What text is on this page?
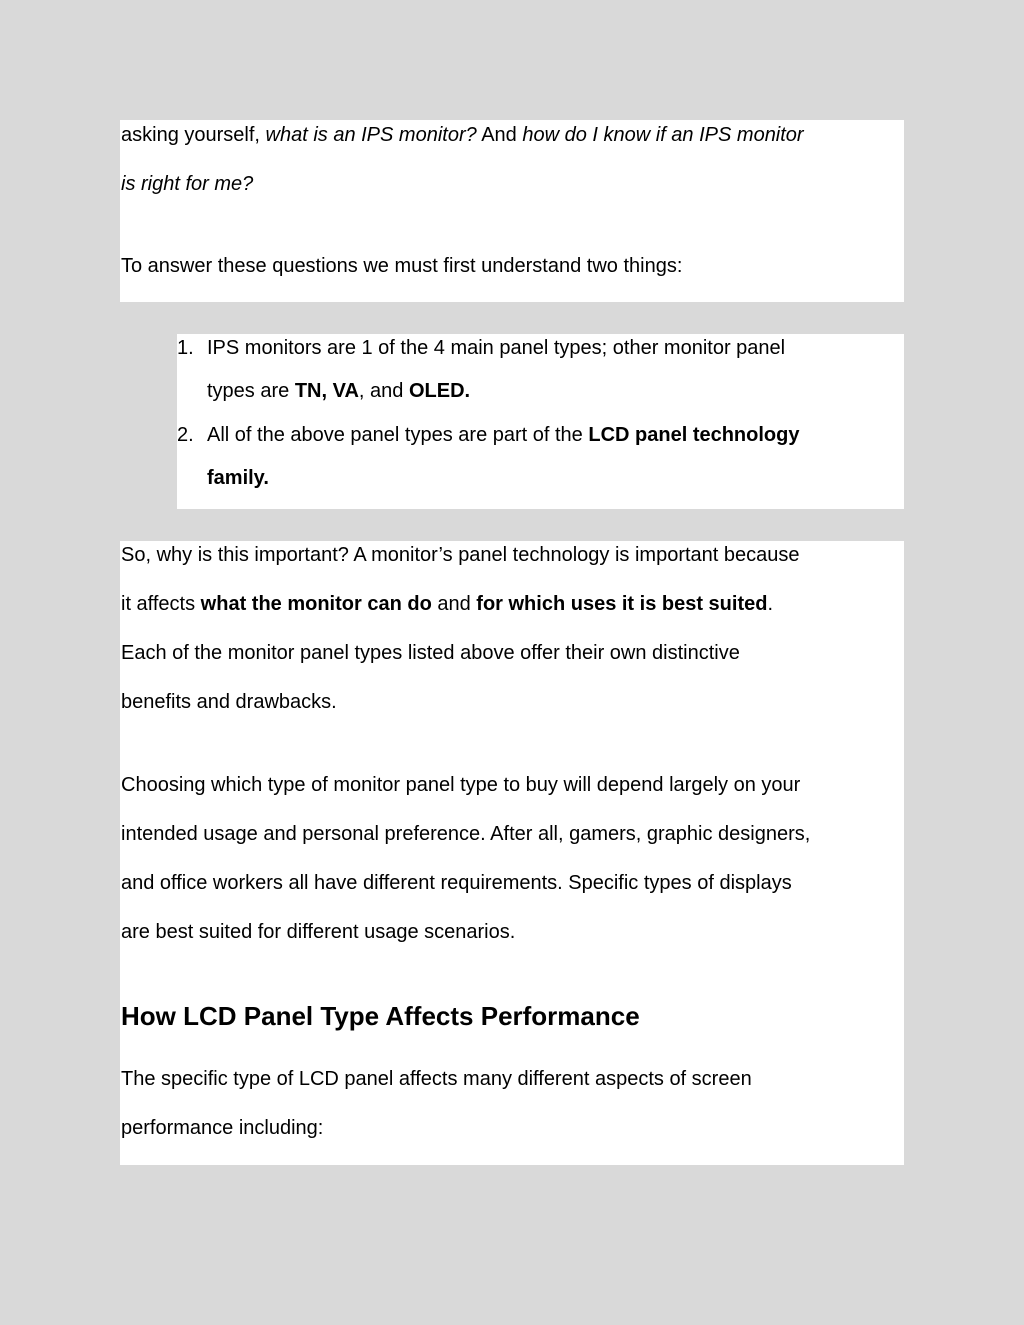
asking yourself, what is an IPS monitor? And how do I know if an IPS monitor
is right for me?
To answer these questions we must first understand two things:
1. IPS monitors are 1 of the 4 main panel types; other monitor panel
types are TN, VA, and OLED.
2. All of the above panel types are part of the LCD panel technology
family.
So, why is this important? A monitor’s panel technology is important because
it affects what the monitor can do and for which uses it is best suited.
Each of the monitor panel types listed above offer their own distinctive
benefits and drawbacks.
Choosing which type of monitor panel type to buy will depend largely on your
intended usage and personal preference. After all, gamers, graphic designers,
and office workers all have different requirements. Specific types of displays
are best suited for different usage scenarios.
How LCD Panel Type Affects Performance
The specific type of LCD panel affects many different aspects of screen
performance including:
